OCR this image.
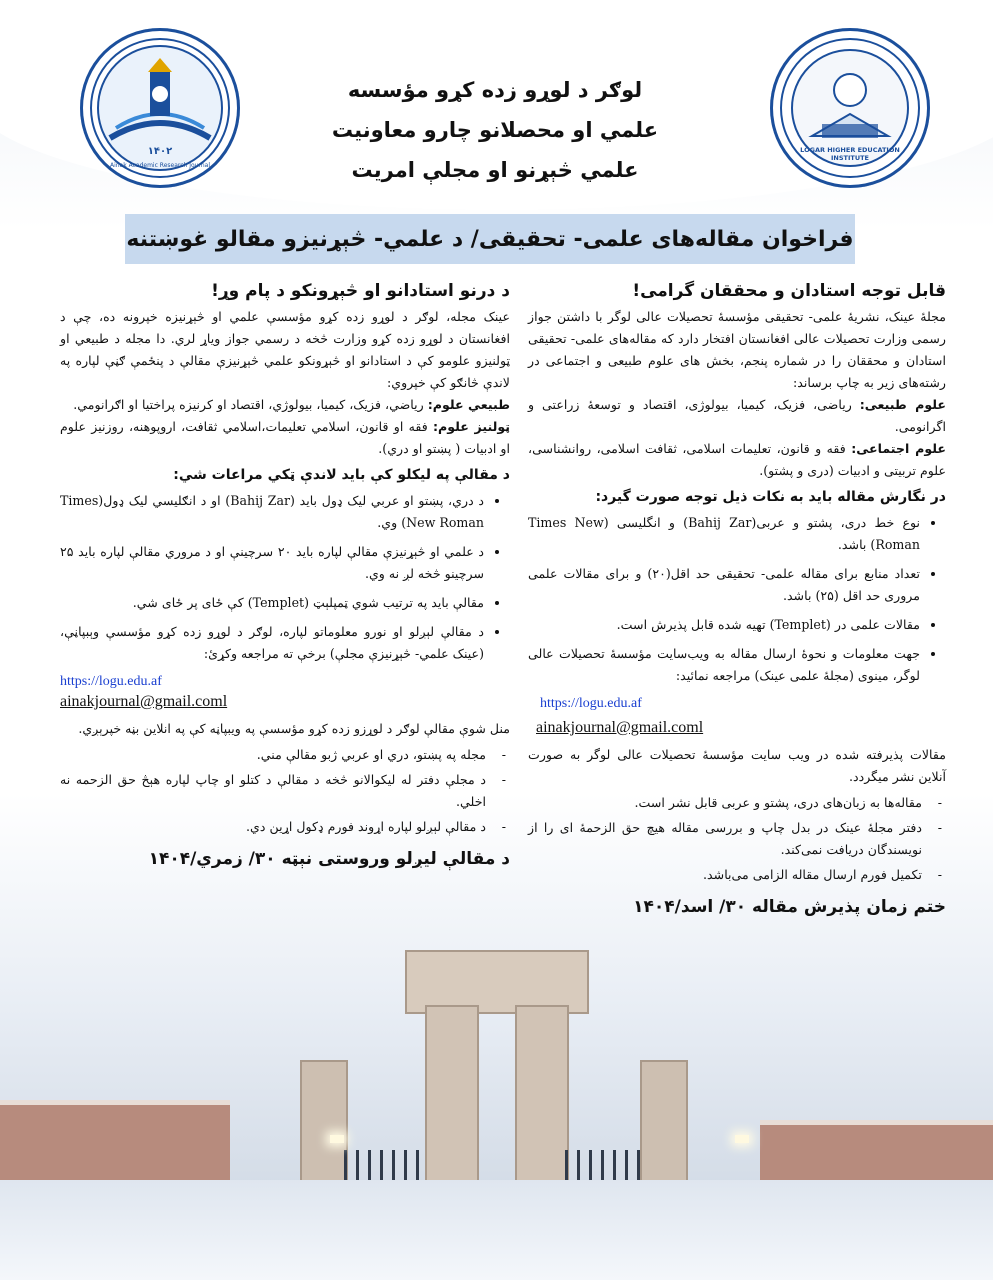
۱۴۰۲
Ainak Academic Research Journal
LOGAR HIGHER EDUCATION INSTITUTE
لوګر د لوړو زده کړو مؤسسه
علمي او محصلانو چارو معاونیت
علمي څېړنو او مجلې امریت
فراخوان مقاله‌های علمی- تحقیقی/ د علمي- څېړنیزو مقالو غوښتنه
قابل توجه استادان و محققان گرامی!
مجلهٔ عینک، نشریهٔ علمی- تحقیقی مؤسسهٔ تحصیلات عالی لوگر با داشتن جواز رسمی وزارت تحصیلات عالی افغانستان افتخار دارد که مقاله‌های علمی- تحقیقی استادان و محققان را در شماره پنجم، بخش های علوم طبیعی و اجتماعی در رشته‌های زیر به چاپ برساند:
علوم طبیعی: ریاضی، فزیک، کیمیا، بیولوژی، اقتصاد و توسعهٔ زراعتی و اگرانومی.
علوم اجتماعی: فقه و قانون، تعلیمات اسلامی، ثقافت اسلامی، روانشناسی، علوم تربیتی و ادبیات (دری و پشتو).
در نگارش مقاله باید به نکات ذیل توجه صورت گیرد:
• نوع خط دری، پشتو و عربی(Bahij Zar) و انگلیسی (Times New Roman) باشد.
• تعداد منابع برای مقاله علمی- تحقیقی حد اقل(۲۰) و برای مقالات علمی مروری حد اقل (۲۵) باشد.
• مقالات علمی در (Templet) تهیه شده قابل پذیرش است.
• جهت معلومات و نحوهٔ ارسال مقاله به ویب‌سایت مؤسسهٔ تحصیلات عالی لوگر، مینوی (مجلهٔ علمی عینک) مراجعه نمائید:
https://logu.edu.af
ainakjournal@gmail.coml
مقالات پذیرفته شده در ویب سایت مؤسسهٔ تحصیلات عالی لوگر به صورت آنلاین نشر میگردد.
- مقاله‌ها به زبان‌های دری، پشتو و عربی قابل نشر است.
- دفتر مجلهٔ عینک در بدل چاپ و بررسی مقاله هیچ حق الزحمهٔ ای را از نویسندگان دریافت نمی‌کند.
- تکمیل فورم ارسال مقاله الزامی می‌باشد.
ختم زمان پذیرش مقاله ۳۰/ اسد/۱۴۰۴
د درنو استادانو او څېړونکو د پام وړ!
عینک مجله، لوګر د لوړو زده کړو مؤسسې علمي او څېړنیزه خپرونه ده، چې د افغانستان د لوړو زده کړو وزارت څخه د رسمي جواز ویاړ لري. دا مجله د طبیعي او ټولنیزو علومو کې د استادانو او څېړونکو علمي څېړنیزې مقالې د پنځمې ګڼې لپاره په لاندې څانګو کې خپروي:
طبیعي علوم: ریاضي، فزیک، کیمیا، بیولوژي، اقتصاد او کرنیزه پراختیا او اګرانومي.
ټولنیز علوم: فقه او قانون، اسلامي تعلیمات،اسلامي ثقافت، اروپوهنه، روزنیز علوم او ادبیات ( پښتو او دري).
د مقالې په لیکلو کې باید لاندې ټکي مراعات شي:
• د دري، پښتو او عربي لیک ډول باید (Bahij Zar) او د انګلیسي لیک ډول(Times New Roman) وي.
• د علمي او څېړنیزې مقالې لپاره باید ۲۰ سرچینې او د مروري مقالې لپاره باید ۲۵ سرچینو څخه لږ نه وي.
• مقالې باید په ترتیب شوي ټمپلېټ (Templet) کې ځای پر ځای شي.
• د مقالې لېږلو او نورو معلوماتو لپاره، لوګر د لوړو زده کړو مؤسسې وېبپاڼې، (عینک علمي- څېړنیزې مجلې) برخې ته مراجعه وکړئ:
https://logu.edu.af
ainakjournal@gmail.coml
منل شوې مقالې لوګر د لوړزو زده کړو مؤسسې په ویبپاڼه کې په انلاین بڼه خپرېږي.
- مجله په پښتو، دري او عربي ژبو مقالې مني.
- د مجلې دفتر له لیکوالانو څخه د مقالې د کتلو او چاپ لپاره هېڅ حق الزحمه نه اخلي.
- د مقالې لېږلو لپاره اړوند فورم ډکول اړین دي.
د مقالې لیږلو وروستی نېټه ۳۰/ زمري/۱۴۰۴
